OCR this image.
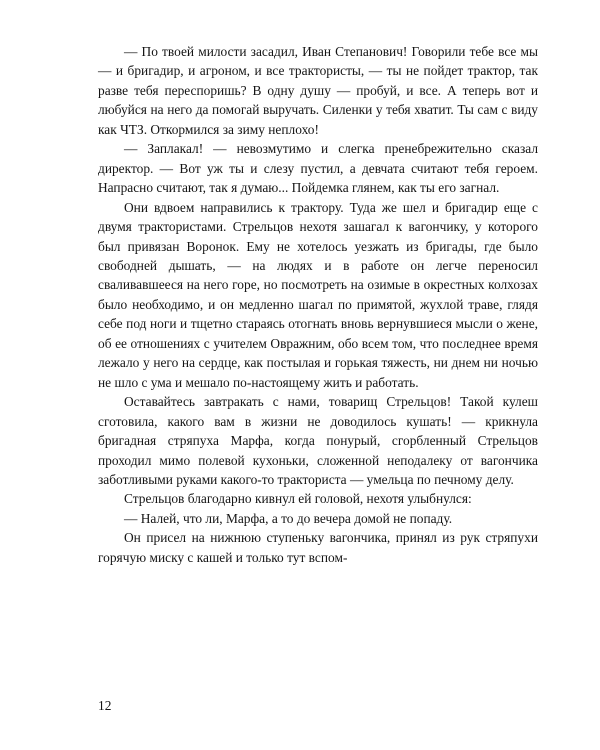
— По твоей милости засадил, Иван Степанович! Говорили тебе все мы — и бригадир, и агроном, и все трактористы, — ты не пойдет трактор, так разве тебя переспоришь? В одну душу — пробуй, и все. А теперь вот и любуйся на него да помогай выручать. Силенки у тебя хватит. Ты сам с виду как ЧТЗ. Откормился за зиму неплохо!

— Заплакал! — невозмутимо и слегка пренебрежительно сказал директор. — Вот уж ты и слезу пустил, а девчата считают тебя героем. Напрасно считают, так я думаю... Пойдемка глянем, как ты его загнал.

Они вдвоем направились к трактору. Туда же шел и бригадир еще с двумя трактористами. Стрельцов нехотя зашагал к вагончику, у которого был привязан Воронок. Ему не хотелось уезжать из бригады, где было свободней дышать, — на людях и в работе он легче переносил сваливавшееся на него горе, но посмотреть на озимые в окрестных колхозах было необходимо, и он медленно шагал по примятой, жухлой траве, глядя себе под ноги и тщетно стараясь отогнать вновь вернувшиеся мысли о жене, об ее отношениях с учителем Овражним, обо всем том, что последнее время лежало у него на сердце, как постылая и горькая тяжесть, ни днем ни ночью не шло с ума и мешало по-настоящему жить и работать.

Оставайтесь завтракать с нами, товарищ Стрельцов! Такой кулеш сготовила, какого вам в жизни не доводилось кушать! — крикнула бригадная стряпуха Марфа, когда понурый, сгорбленный Стрельцов проходил мимо полевой кухоньки, сложенной неподалеку от вагончика заботливыми руками какого-то тракториста — умельца по печному делу.

Стрельцов благодарно кивнул ей головой, нехотя улыбнулся:

— Налей, что ли, Марфа, а то до вечера домой не попаду.

Он присел на нижнюю ступеньку вагончика, принял из рук стряпухи горячую миску с кашей и только тут вспом-

12
